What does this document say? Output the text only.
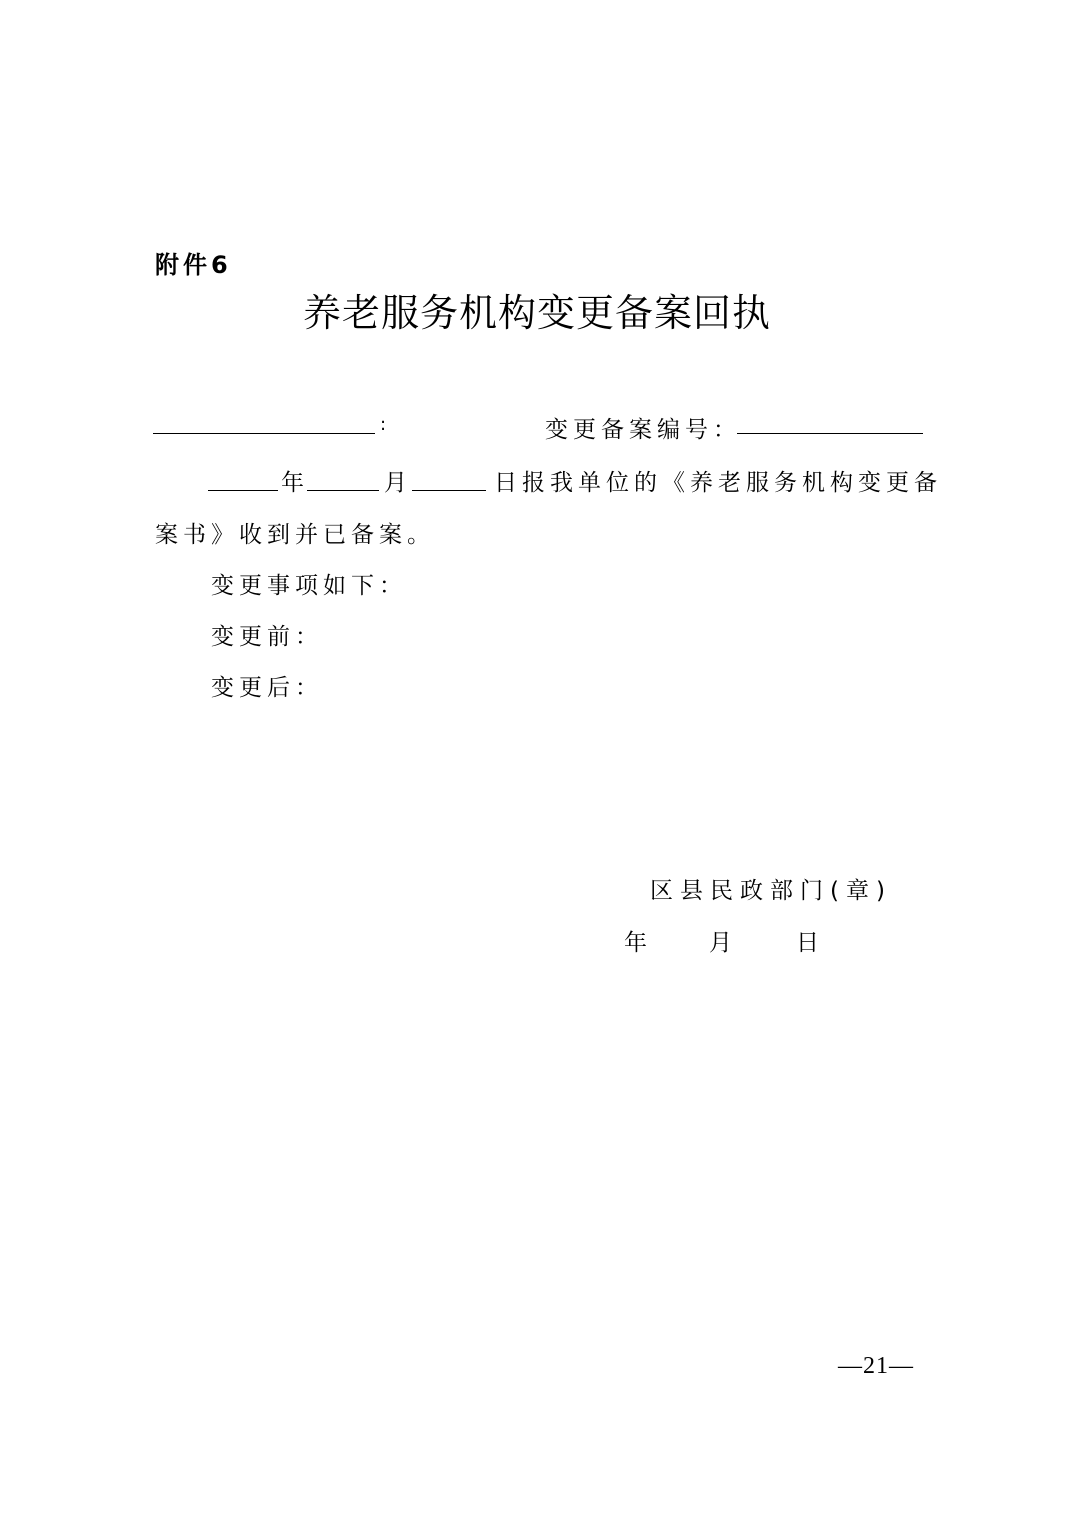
附件6
养老服务机构变更备案回执
:	变更备案编号：
年	月	日报我单位的《养老服务机构变更备
案书》收到并已备案。
变更事项如下：
变更前：
变更后：
区县民政部门(章)
年 月	日
—21—
